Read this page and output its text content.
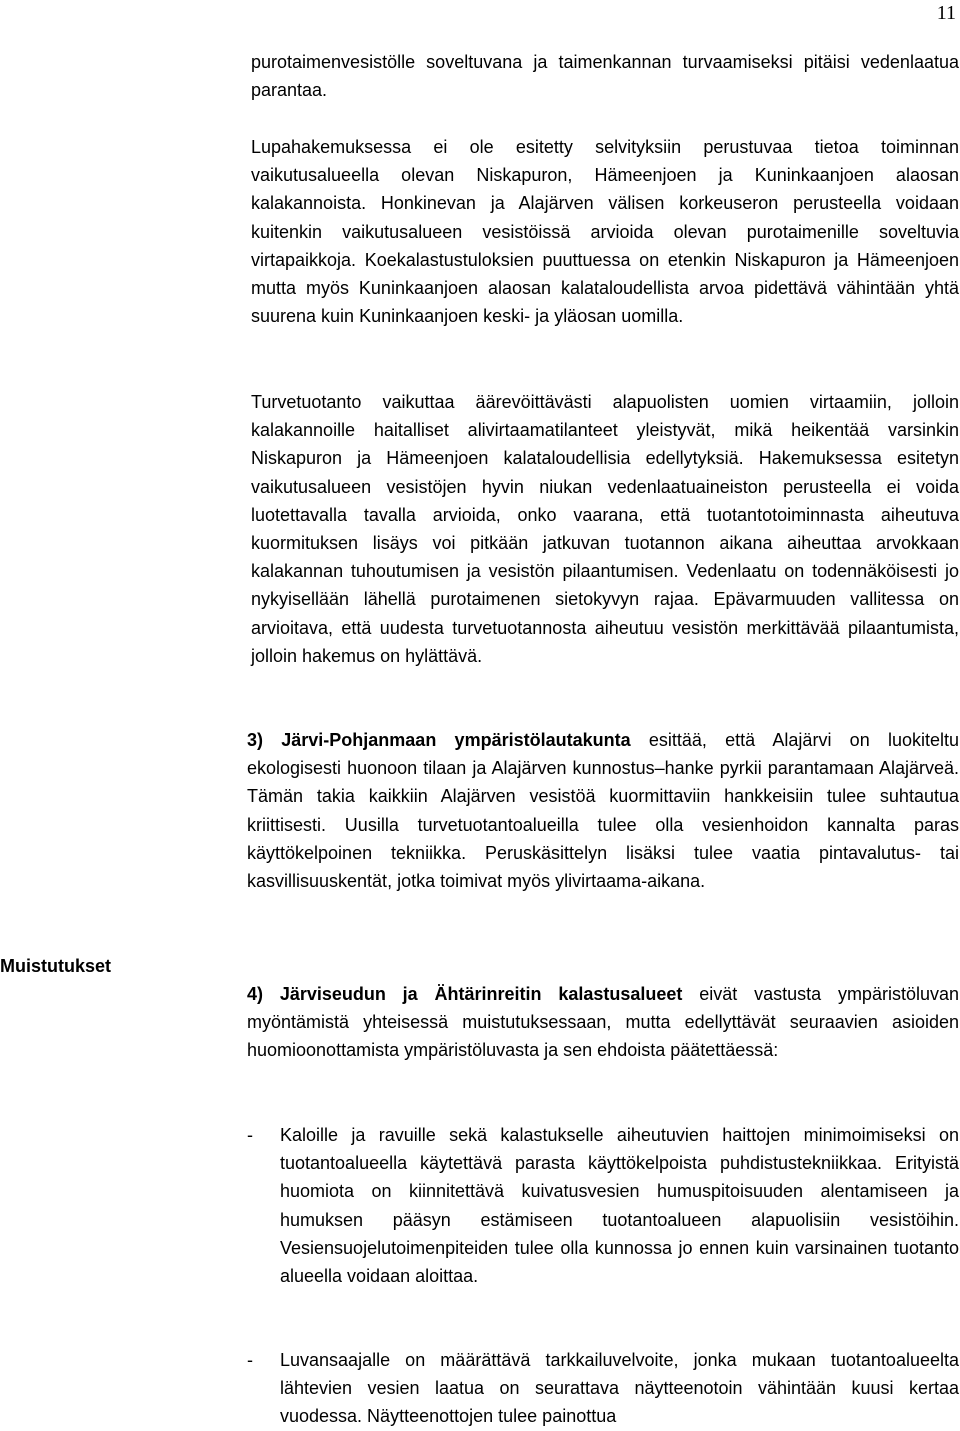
11

purotaimenvesistölle soveltuvana ja taimenkannan turvaamiseksi pitäisi vedenlaatua parantaa.

Lupahakemuksessa ei ole esitetty selvityksiin perustuvaa tietoa toiminnan vaikutusalueella olevan Niskapuron, Hämeenjoen ja Kuninkaanjoen alaosan kalakannoista. Honkinevan ja Alajärven välisen korkeuseron perusteella voidaan kuitenkin vaikutusalueen vesistöissä arvioida olevan purotaimenille soveltuvia virtapaikkoja. Koekalastustuloksien puuttuessa on etenkin Niskapuron ja Hämeenjoen mutta myös Kuninkaanjoen alaosan kalataloudellista arvoa pidettävä vähintään yhtä suurena kuin Kuninkaanjoen keski- ja yläosan uomilla.

Turvetuotanto vaikuttaa äärevöittävästi alapuolisten uomien virtaamiin, jolloin kalakannoille haitalliset alivirtaamatilanteet yleistyvät, mikä heikentää varsinkin Niskapuron ja Hämeenjoen kalataloudellisia edellytyksiä. Hakemuksessa esitetyn vaikutusalueen vesistöjen hyvin niukan vedenlaatuaineiston perusteella ei voida luotettavalla tavalla arvioida, onko vaarana, että tuotantotoiminnasta aiheutuva kuormituksen lisäys voi pitkään jatkuvan tuotannon aikana aiheuttaa arvokkaan kalakannan tuhoutumisen ja vesistön pilaantumisen. Vedenlaatu on todennäköisesti jo nykyisellään lähellä purotaimenen sietokyvyn rajaa. Epävarmuuden vallitessa on arvioitava, että uudesta turvetuotannosta aiheutuu vesistön merkittävää pilaantumista, jolloin hakemus on hylättävä.

3) Järvi-Pohjanmaan ympäristölautakunta esittää, että Alajärvi on luokiteltu ekologisesti huonoon tilaan ja Alajärven kunnostus–hanke pyrkii parantamaan Alajärveä. Tämän takia kaikkiin Alajärven vesistöä kuormittaviin hankkeisiin tulee suhtautua kriittisesti. Uusilla turvetuotantoalueilla tulee olla vesienhoidon kannalta paras käyttökelpoinen tekniikka. Peruskäsittelyn lisäksi tulee vaatia pintavalutus- tai kasvillisuuskentät, jotka toimivat myös ylivirtaama-aikana.

Muistutukset

4) Järviseudun ja Ähtärinreitin kalastusalueet eivät vastusta ympäristöluvan myöntämistä yhteisessä muistutuksessaan, mutta edellyttävät seuraavien asioiden huomioonottamista ympäristöluvasta ja sen ehdoista päätettäessä:

- Kaloille ja ravuille sekä kalastukselle aiheutuvien haittojen minimoimiseksi on tuotantoalueella käytettävä parasta käyttökelpoista puhdistustekniikkaa. Erityistä huomiota on kiinnitettävä kuivatusvesien humuspitoisuuden alentamiseen ja humuksen pääsyn estämiseen tuotantoalueen alapuolisiin vesistöihin. Vesiensuojelutoimenpiteiden tulee olla kunnossa jo ennen kuin varsinainen tuotanto alueella voidaan aloittaa.
- Luvansaajalle on määrättävä tarkkailuvelvoite, jonka mukaan tuotantoalueelta lähtevien vesien laatua on seurattava näytteenotoin vähintään kuusi kertaa vuodessa. Näytteenottojen tulee painottua
